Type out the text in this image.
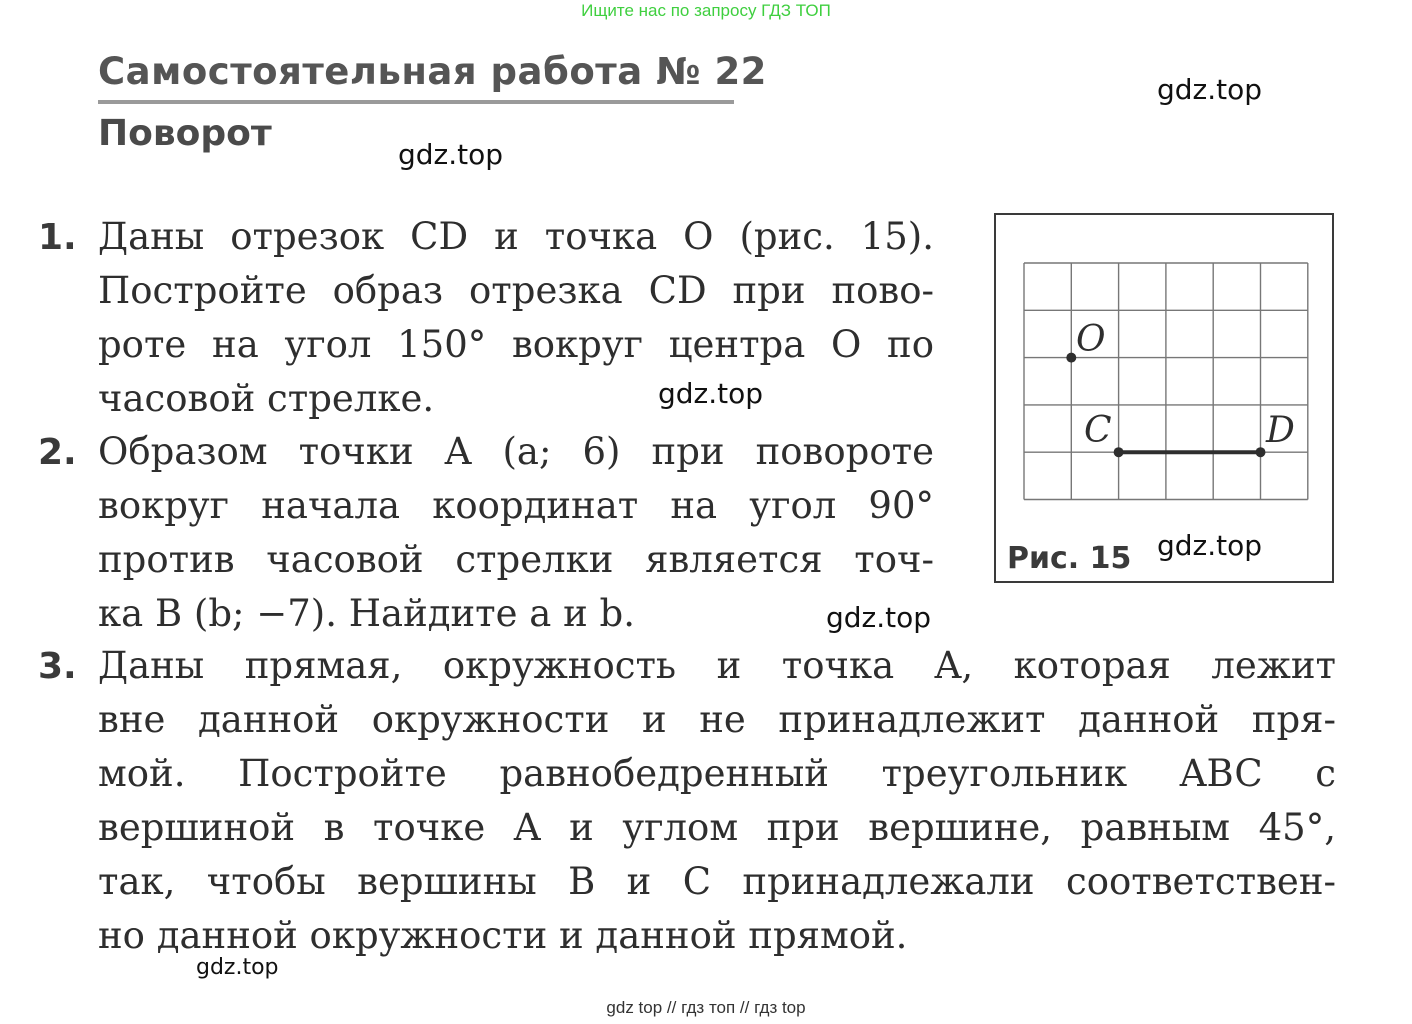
Ищите нас по запросу ГДЗ ТОП
Самостоятельная работа № 22
Поворот
gdz.top
gdz.top
gdz.top
gdz.top
gdz.top
gdz.top
1. Даны отрезок CD и точка O (рис. 15).
Постройте образ отрезка CD при пово-
роте на угол 150° вокруг центра O по
часовой стрелке.
2. Образом точки A (a; 6) при повороте
вокруг начала координат на угол 90°
против часовой стрелки является точ-
ка B (b; −7). Найдите a и b.
3. Даны прямая, окружность и точка A, которая лежит
вне данной окружности и не принадлежит данной пря-
мой. Постройте равнобедренный треугольник ABC с
вершиной в точке A и углом при вершине, равным 45°,
так, чтобы вершины B и C принадлежали соответствен-
но данной окружности и данной прямой.
O
C	D
Рис. 15
gdz top // гдз топ // гдз top
